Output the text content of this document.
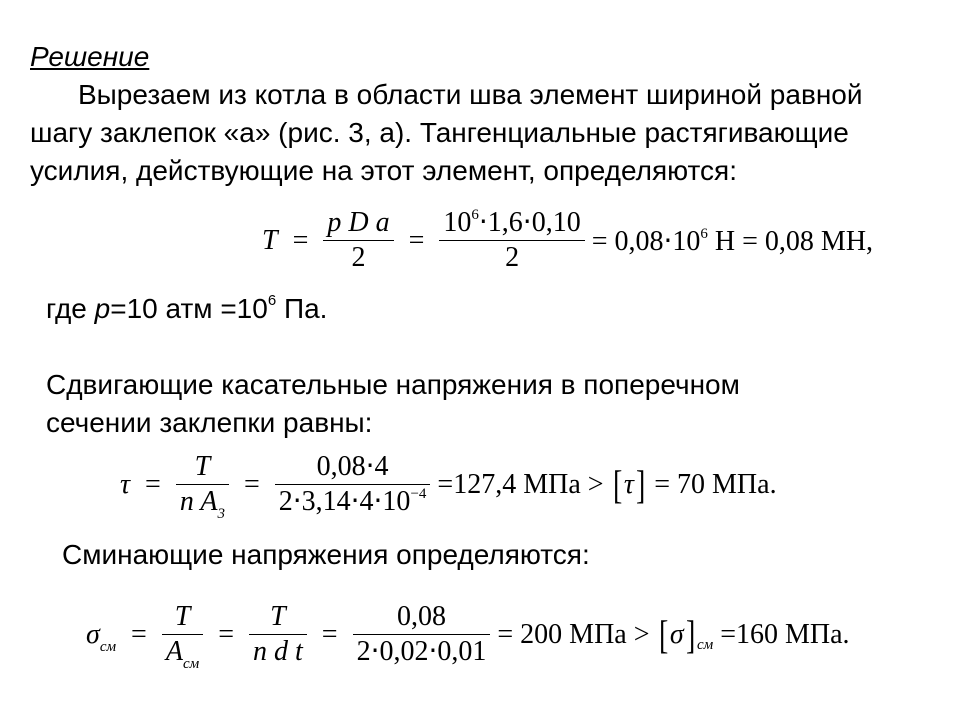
Решение
Вырезаем из котла в области шва элемент шириной равной шагу заклепок «а» (рис. 3, а). Тангенциальные растягивающие усилия, действующие на этот элемент, определяются:
$T = \frac{\text{p D a}}{2} = \frac{10^6\cdot 1,6\cdot 0,10}{2} = 0,08\cdot 10^6$ Н = 0,08 МН,
где p=10 атм $=10^6$ Па.
Сдвигающие касательные напряжения в поперечном
сечении заклепки равны:
$\tau = \frac{T}{n A_3} = \frac{0,08\cdot 4}{2\cdot 3,14\cdot 4\cdot 10^{-4}} =127,4$ МПа > [τ] = 70 МПа.
Сминающие напряжения определяются:
$\sigma_{см} = \frac{T}{A_{см}} = \frac{T}{\text{n d t}} = \frac{0,08}{2\cdot 0,02\cdot 0,01} = 200$ МПа > [σ] $_{см}$ =160 МПа.
